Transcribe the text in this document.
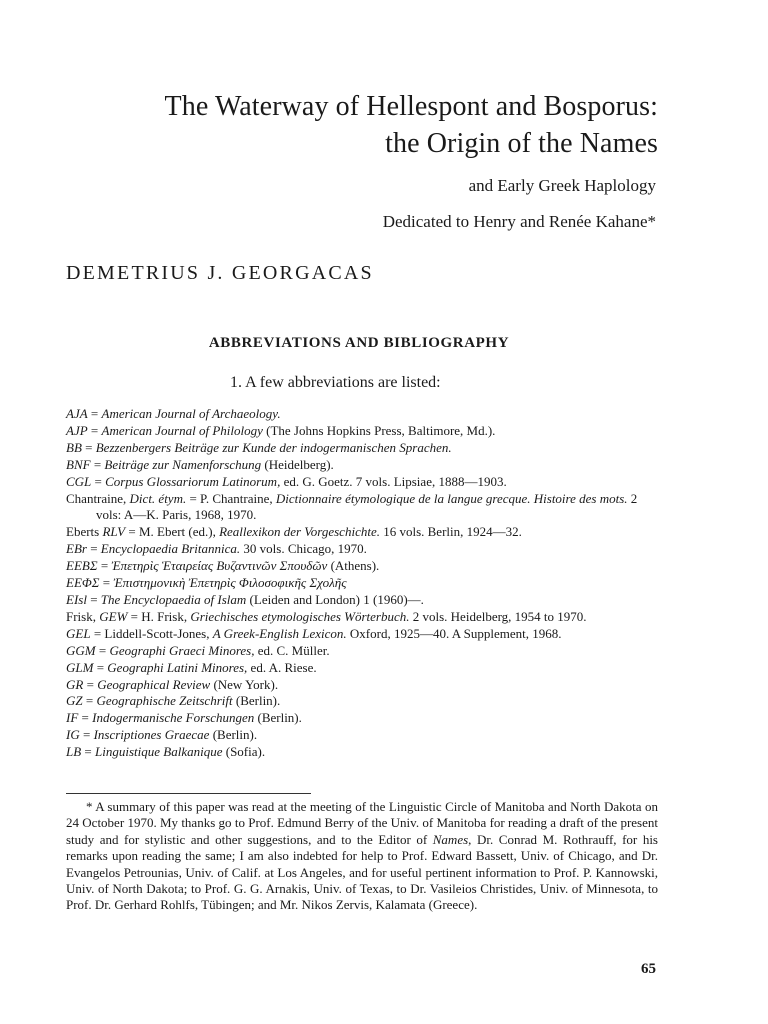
The Waterway of Hellespont and Bosporus:
the Origin of the Names

and Early Greek Haplology

Dedicated to Henry and Renée Kahane*

DEMETRIUS J. GEORGACAS
ABBREVIATIONS AND BIBLIOGRAPHY

1. A few abbreviations are listed:

AJA = American Journal of Archaeology.
AJP = American Journal of Philology (The Johns Hopkins Press, Baltimore, Md.).
BB = Bezzenbergers Beiträge zur Kunde der indogermanischen Sprachen.
BNF = Beiträge zur Namenforschung (Heidelberg).
CGL = Corpus Glossariorum Latinorum, ed. G. Goetz. 7 vols. Lipsiae, 1888—1903.
Chantraine, Dict. étym. = P. Chantraine, Dictionnaire étymologique de la langue grecque. Histoire des mots. 2 vols: A—K. Paris, 1968, 1970.
Eberts RLV = M. Ebert (ed.), Reallexikon der Vorgeschichte. 16 vols. Berlin, 1924—32.
EBr = Encyclopaedia Britannica. 30 vols. Chicago, 1970.
EEBΣ = Ἐπετηρὶς Ἑταιρείας Βυζαντινῶν Σπουδῶν (Athens).
EEΦΣ = Ἐπιστημονικὴ Ἐπετηρὶς Φιλοσοφικῆς Σχολῆς
EIsl = The Encyclopaedia of Islam (Leiden and London) 1 (1960)—.
Frisk, GEW = H. Frisk, Griechisches etymologisches Wörterbuch. 2 vols. Heidelberg, 1954 to 1970.
GEL = Liddell-Scott-Jones, A Greek-English Lexicon. Oxford, 1925—40. A Supplement, 1968.
GGM = Geographi Graeci Minores, ed. C. Müller.
GLM = Geographi Latini Minores, ed. A. Riese.
GR = Geographical Review (New York).
GZ = Geographische Zeitschrift (Berlin).
IF = Indogermanische Forschungen (Berlin).
IG = Inscriptiones Graecae (Berlin).
LB = Linguistique Balkanique (Sofia).

* A summary of this paper was read at the meeting of the Linguistic Circle of Manitoba and North Dakota on 24 October 1970. My thanks go to Prof. Edmund Berry of the Univ. of Manitoba for reading a draft of the present study and for stylistic and other suggestions, and to the Editor of Names, Dr. Conrad M. Rothrauff, for his remarks upon reading the same; I am also indebted for help to Prof. Edward Bassett, Univ. of Chicago, and Dr. Evangelos Petrounias, Univ. of Calif. at Los Angeles, and for useful pertinent information to Prof. P. Kannowski, Univ. of North Dakota; to Prof. G. G. Arnakis, Univ. of Texas, to Dr. Vasileios Christides, Univ. of Minnesota, to Prof. Dr. Gerhard Rohlfs, Tübingen; and Mr. Nikos Zervis, Kalamata (Greece).

65
